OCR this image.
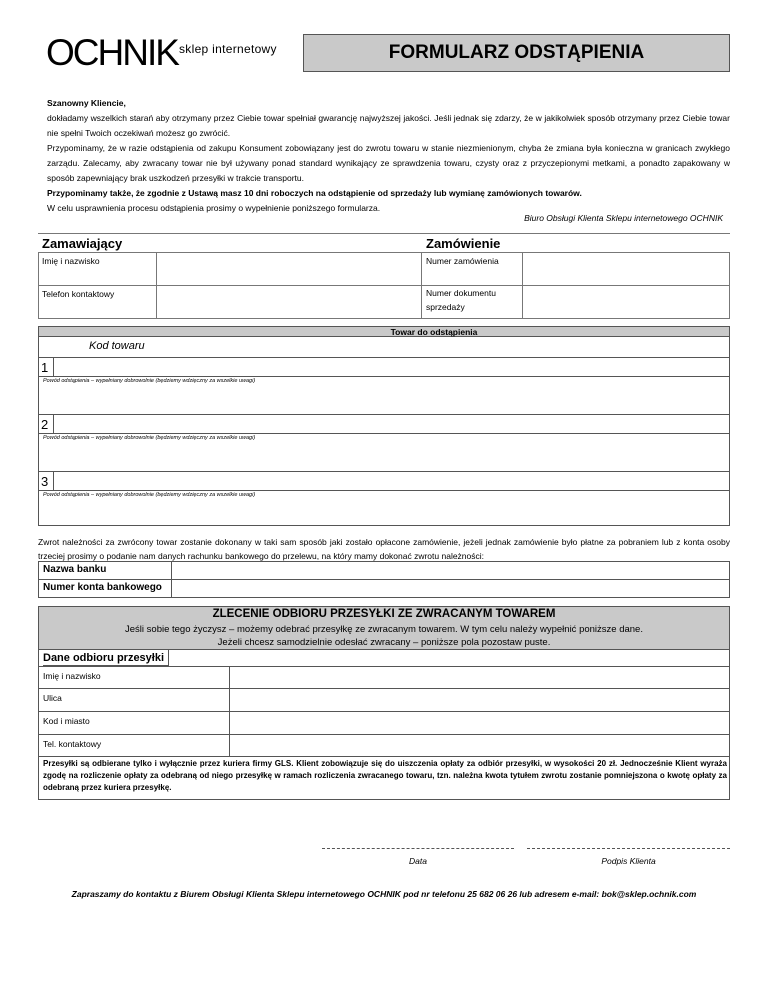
OCHNIK sklep internetowy	FORMULARZ ODSTĄPIENIA

Szanowny Kliencie,

dokładamy wszelkich starań aby otrzymany przez Ciebie towar spełniał gwarancję najwyższej jakości. Jeśli jednak się zdarzy, że w jakikolwiek sposób otrzymany przez Ciebie towar nie spełni Twoich oczekiwań możesz go zwrócić.

Przypominamy, że w razie odstąpienia od zakupu Konsument zobowiązany jest do zwrotu towaru w stanie niezmienionym, chyba że zmiana była konieczna w granicach zwykłego zarządu. Zalecamy, aby zwracany towar nie był używany ponad standard wynikający ze sprawdzenia towaru, czysty oraz z przyczepionymi metkami, a ponadto zapakowany w sposób zapewniający brak uszkodzeń przesyłki w trakcie transportu.

Przypominamy także, że zgodnie z Ustawą masz 10 dni roboczych na odstąpienie od sprzedaży lub wymianę zamówionych towarów.

W celu usprawnienia procesu odstąpienia prosimy o wypełnienie poniższego formularza.

Biuro Obsługi Klienta Sklepu internetowego OCHNIK
Zamawiający	Zamówienie
Imię i nazwisko	Numer zamówienia
Telefon kontaktowy	Numer dokumentu sprzedaży
Towar do odstąpienia
Kod towaru
1
Powód odstąpienia – wypełniany dobrowolnie (będziemy wdzięczny za wszelkie uwagi)
2
Powód odstąpienia – wypełniany dobrowolnie (będziemy wdzięczny za wszelkie uwagi)
3
Powód odstąpienia – wypełniany dobrowolnie (będziemy wdzięczny za wszelkie uwagi)
Zwrot należności za zwrócony towar zostanie dokonany w taki sam sposób jaki zostało opłacone zamówienie, jeżeli jednak zamówienie było płatne za pobraniem lub z konta osoby trzeciej prosimy o podanie nam danych rachunku bankowego do przelewu, na który mamy dokonać zwrotu należności:
Nazwa banku
Numer konta bankowego
ZLECENIE ODBIORU PRZESYŁKI ZE ZWRACANYM TOWAREM
Jeśli sobie tego życzysz – możemy odebrać przesyłkę ze zwracanym towarem. W tym celu należy wypełnić poniższe dane.
Jeżeli chcesz samodzielnie odesłać zwracany – poniższe pola pozostaw puste.
Dane odbioru przesyłki
Imię i nazwisko
Ulica
Kod i miasto
Tel. kontaktowy
Przesyłki są odbierane tylko i wyłącznie przez kuriera firmy GLS. Klient zobowiązuje się do uiszczenia opłaty za odbiór przesyłki, w wysokości 20 zł. Jednocześnie Klient wyraża zgodę na rozliczenie opłaty za odebraną od niego przesyłkę w ramach rozliczenia zwracanego towaru, tzn. należna kwota tytułem zwrotu zostanie pomniejszona o kwotę opłaty za odebraną przez kuriera przesyłkę.
Data	Podpis Klienta
Zapraszamy do kontaktu z Biurem Obsługi Klienta Sklepu internetowego OCHNIK pod nr telefonu 25 682 06 26 lub adresem e-mail: bok@sklep.ochnik.com
